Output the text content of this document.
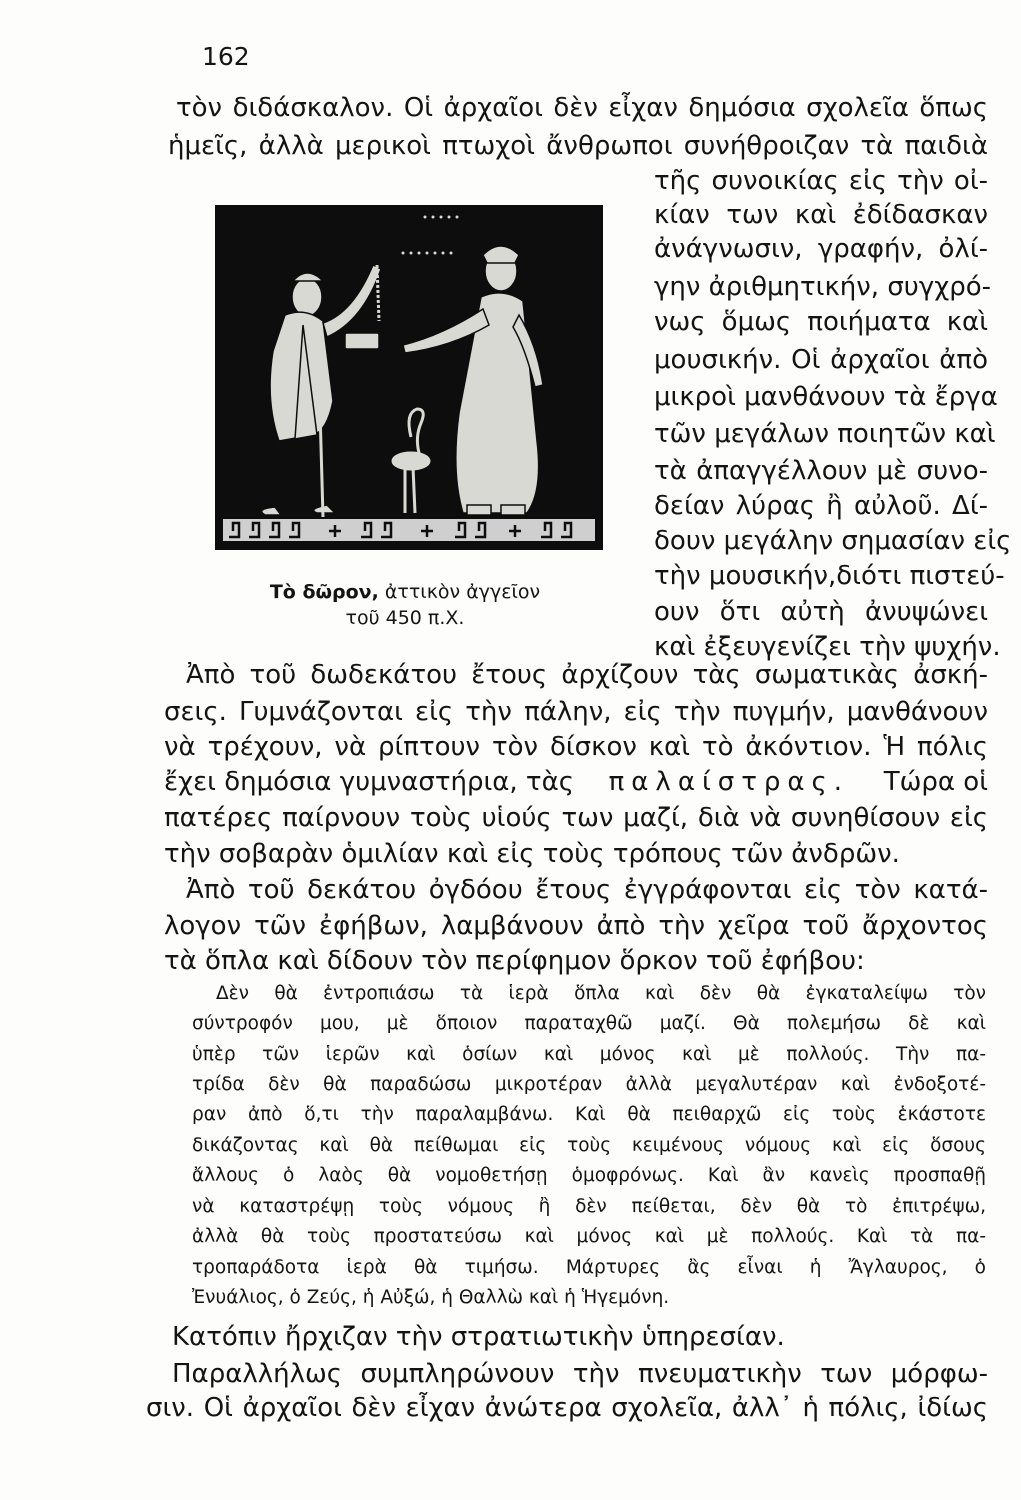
162
τὸν διδάσκαλον. Οἱ ἀρχαῖοι δὲν εἶχαν δημόσια σχολεῖα ὅπως
ἡμεῖς, ἀλλὰ μερικοὶ πτωχοὶ ἄνθρωποι συνήθροιζαν τὰ παιδιὰ
τῆς συνοικίας εἰς τὴν οἰ-
κίαν των καὶ ἐδίδασκαν
ἀνάγνωσιν, γραφήν, ὀλί-
γην ἀριθμητικήν, συγχρό-
νως ὅμως ποιήματα καὶ
μουσικήν. Οἱ ἀρχαῖοι ἀπὸ
μικροὶ μανθάνουν τὰ ἔργα
τῶν μεγάλων ποιητῶν καὶ
τὰ ἀπαγγέλλουν μὲ συνο-
δείαν λύρας ἢ αὐλοῦ. Δί-
δουν μεγάλην σημασίαν εἰς
τὴν μουσικήν,διότι πιστεύ-
ουν ὅτι αὐτὴ ἀνυψώνει
καὶ ἐξευγενίζει τὴν ψυχήν.
Τὸ δῶρον, ἀττικὸν ἀγγεῖον
τοῦ 450 π.Χ.
Ἀπὸ τοῦ δωδεκάτου ἔτους ἀρχίζουν τὰς σωματικὰς ἀσκή-
σεις. Γυμνάζονται εἰς τὴν πάλην, εἰς τὴν πυγμήν, μανθάνουν
νὰ τρέχουν, νὰ ρίπτουν τὸν δίσκον καὶ τὸ ἀκόντιον. Ἡ πόλις
ἔχει δημόσια γυμναστήρια, τὰς παλαίστρας. Τώρα οἱ
πατέρες παίρνουν τοὺς υἱούς των μαζί, διὰ νὰ συνηθίσουν εἰς
τὴν σοβαρὰν ὁμιλίαν καὶ εἰς τοὺς τρόπους τῶν ἀνδρῶν.
Ἀπὸ τοῦ δεκάτου ὀγδόου ἔτους ἐγγράφονται εἰς τὸν κατά-
λογον τῶν ἐφήβων, λαμβάνουν ἀπὸ τὴν χεῖρα τοῦ ἄρχοντος
τὰ ὅπλα καὶ δίδουν τὸν περίφημον ὅρκον τοῦ ἐφήβου:
Δὲν θὰ ἐντροπιάσω τὰ ἱερὰ ὅπλα καὶ δὲν θὰ ἐγκαταλείψω τὸν
σύντροφόν μου, μὲ ὅποιον παραταχθῶ μαζί. Θὰ πολεμήσω δὲ καὶ
ὑπὲρ τῶν ἱερῶν καὶ ὁσίων καὶ μόνος καὶ μὲ πολλούς. Τὴν πα-
τρίδα δὲν θὰ παραδώσω μικροτέραν ἀλλὰ μεγαλυτέραν καὶ ἐνδοξοτέ-
ραν ἀπὸ ὅ,τι τὴν παραλαμβάνω. Καὶ θὰ πειθαρχῶ εἰς τοὺς ἑκάστοτε
δικάζοντας καὶ θὰ πείθωμαι εἰς τοὺς κειμένους νόμους καὶ εἰς ὅσους
ἄλλους ὁ λαὸς θὰ νομοθετήσῃ ὁμοφρόνως. Καὶ ἂν κανεὶς προσπαθῇ
νὰ καταστρέψῃ τοὺς νόμους ἢ δὲν πείθεται, δὲν θὰ τὸ ἐπιτρέψω,
ἀλλὰ θὰ τοὺς προστατεύσω καὶ μόνος καὶ μὲ πολλούς. Καὶ τὰ πα-
τροπαράδοτα ἱερὰ θὰ τιμήσω. Μάρτυρες ἂς εἶναι ἡ Ἄγλαυρος, ὁ
Ἐνυάλιος, ὁ Ζεύς, ἡ Αὐξώ, ἡ Θαλλὼ καὶ ἡ Ἡγεμόνη.
Κατόπιν ἤρχιζαν τὴν στρατιωτικὴν ὑπηρεσίαν.
Παραλλήλως συμπληρώνουν τὴν πνευματικὴν των μόρφω-
σιν. Οἱ ἀρχαῖοι δὲν εἶχαν ἀνώτερα σχολεῖα, ἀλλ᾽ ἡ πόλις, ἰδίως
